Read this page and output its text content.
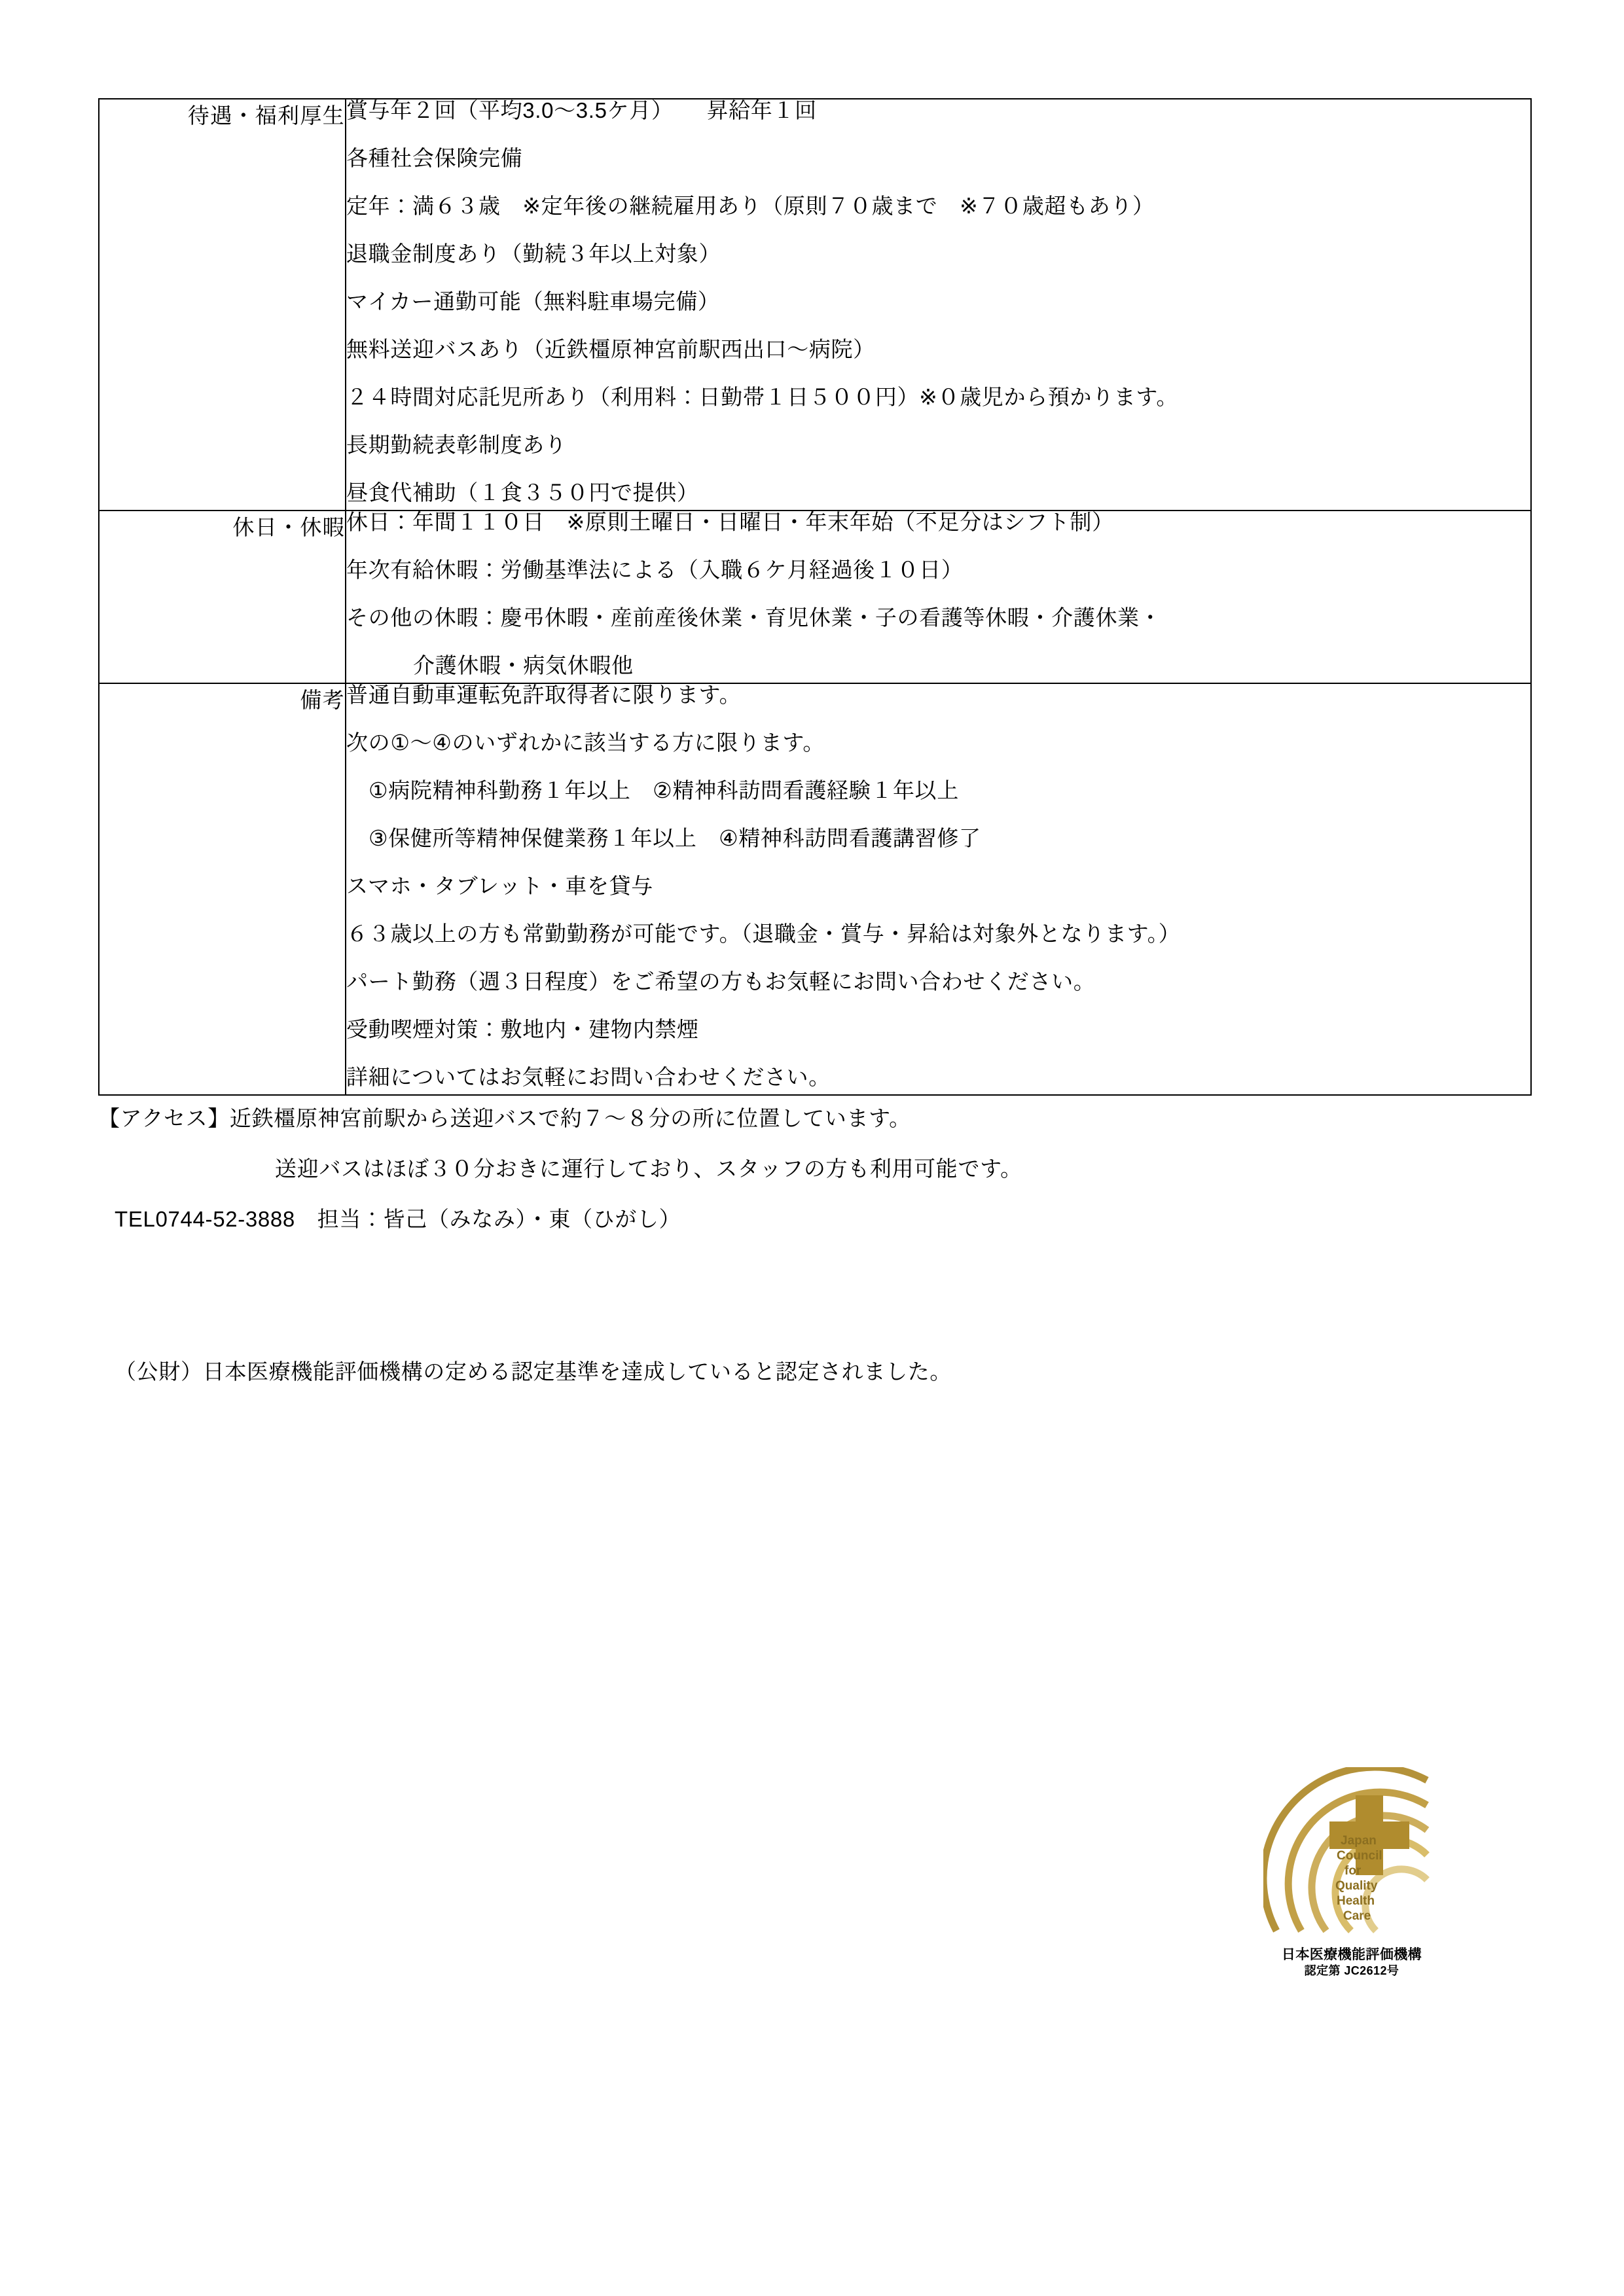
待遇・福利厚生	賞与年２回（平均3.0～3.5ケ月）　　昇給年１回
各種社会保険完備
定年：満６３歳　※定年後の継続雇用あり（原則７０歳まで　※７０歳超もあり）
退職金制度あり（勤続３年以上対象）
マイカー通勤可能（無料駐車場完備）
無料送迎バスあり（近鉄橿原神宮前駅西出口～病院）
２４時間対応託児所あり（利用料：日勤帯１日５００円）※０歳児から預かります。
長期勤続表彰制度あり
昼食代補助（１食３５０円で提供）

休日・休暇	休日：年間１１０日　※原則土曜日・日曜日・年末年始（不足分はシフト制）
年次有給休暇：労働基準法による（入職６ケ月経過後１０日）
その他の休暇：慶弔休暇・産前産後休業・育児休業・子の看護等休暇・介護休業・
介護休暇・病気休暇他

備考	普通自動車運転免許取得者に限ります。
次の①～④のいずれかに該当する方に限ります。
①病院精神科勤務１年以上　②精神科訪問看護経験１年以上
③保健所等精神保健業務１年以上　④精神科訪問看護講習修了
スマホ・タブレット・車を貸与
６３歳以上の方も常勤勤務が可能です。（退職金・賞与・昇給は対象外となります。）
パート勤務（週３日程度）をご希望の方もお気軽にお問い合わせください。
受動喫煙対策：敷地内・建物内禁煙
詳細についてはお気軽にお問い合わせください。
【アクセス】近鉄橿原神宮前駅から送迎バスで約７～８分の所に位置しています。
送迎バスはほぼ３０分おきに運行しており、スタッフの方も利用可能です。
TEL0744-52-3888　担当：皆己（みなみ）・東（ひがし）
（公財）日本医療機能評価機構の定める認定基準を達成していると認定されました。
Japan
Council
for
Quality
Health
Care
日本医療機能評価機構
認定第 JC2612号
